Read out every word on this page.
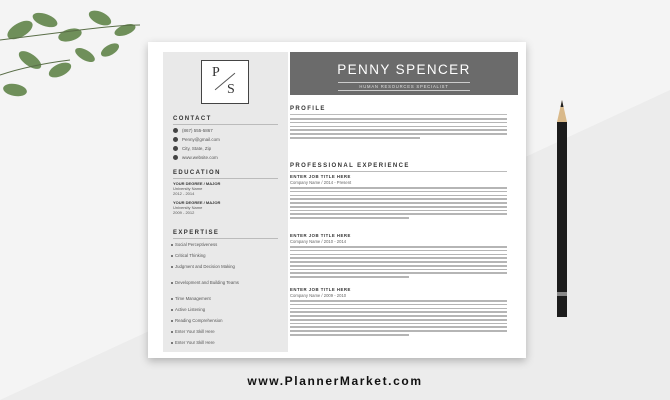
P
S
CONTACT
(867) 555-5867
Penny@gmail.com
City, State, Zip
www.website.com
EDUCATION
YOUR DEGREE / MAJOR
University Name
2012 - 2014
YOUR DEGREE / MAJOR
University Name
2009 - 2012
EXPERTISE
Social Perceptiveness
Critical Thinking
Judgment and Decision Making
Development and Building Teams
Time Management
Active Listening
Reading Comprehension
Enter Your Skill Here
Enter Your Skill Here
PENNY SPENCER
HUMAN RESOURCES SPECIALIST
PROFILE
PROFESSIONAL EXPERIENCE
ENTER JOB TITLE HERE
Company Name / 2014 - Present
ENTER JOB TITLE HERE
Company Name / 2010 - 2014
ENTER JOB TITLE HERE
Company Name / 2009 - 2010
www.PlannerMarket.com
